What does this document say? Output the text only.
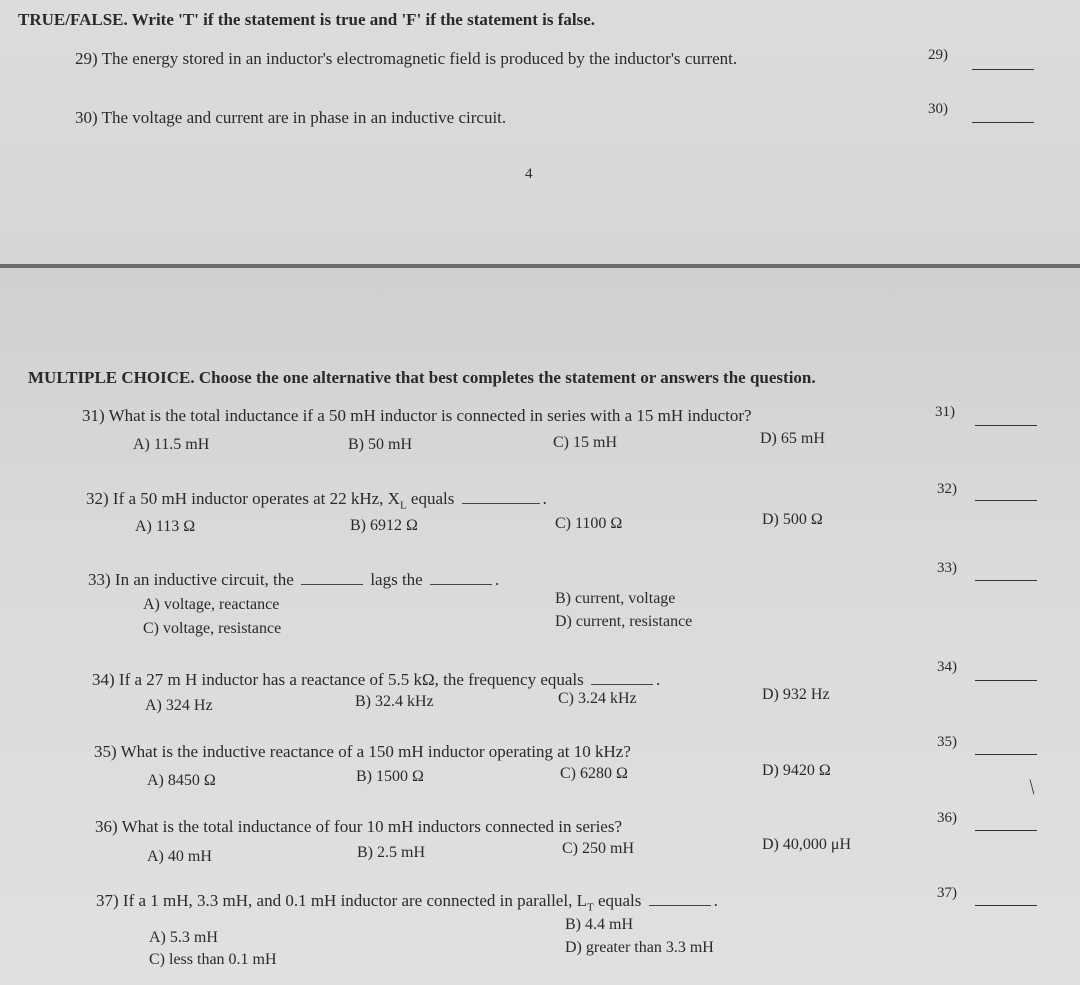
TRUE/FALSE. Write 'T' if the statement is true and 'F' if the statement is false.
29) The energy stored in an inductor's electromagnetic field is produced by the inductor's current.	29)
30) The voltage and current are in phase in an inductive circuit.	30)
4
MULTIPLE CHOICE. Choose the one alternative that best completes the statement or answers the question.
31) What is the total inductance if a 50 mH inductor is connected in series with a 15 mH inductor?
A) 11.5 mH	B) 50 mH	C) 15 mH	D) 65 mH
31)
32) If a 50 mH inductor operates at 22 kHz, $X_L$ equals	.
A) 113 Ω	B) 6912 Ω	C) 1100 Ω	D) 500 Ω
32)
33) In an inductive circuit, the	lags the	.
A) voltage, reactance	B) current, voltage
C) voltage, resistance	D) current, resistance
33)
34) If a 27 m H inductor has a reactance of 5.5 kΩ, the frequency equals	.
A) 324 Hz	B) 32.4 kHz	C) 3.24 kHz	D) 932 Hz
34)
35) What is the inductive reactance of a 150 mH inductor operating at 10 kHz?
A) 8450 Ω	B) 1500 Ω	C) 6280 Ω	D) 9420 Ω
35)
|
36) What is the total inductance of four 10 mH inductors connected in series?
A) 40 mH	B) 2.5 mH	C) 250 mH	D) 40,000 μH
36)
37) If a 1 mH, 3.3 mH, and 0.1 mH inductor are connected in parallel, $L_T$ equals	.
A) 5.3 mH
B) 4.4 mH
C) less than 0.1 mH
D) greater than 3.3 mH
37)
